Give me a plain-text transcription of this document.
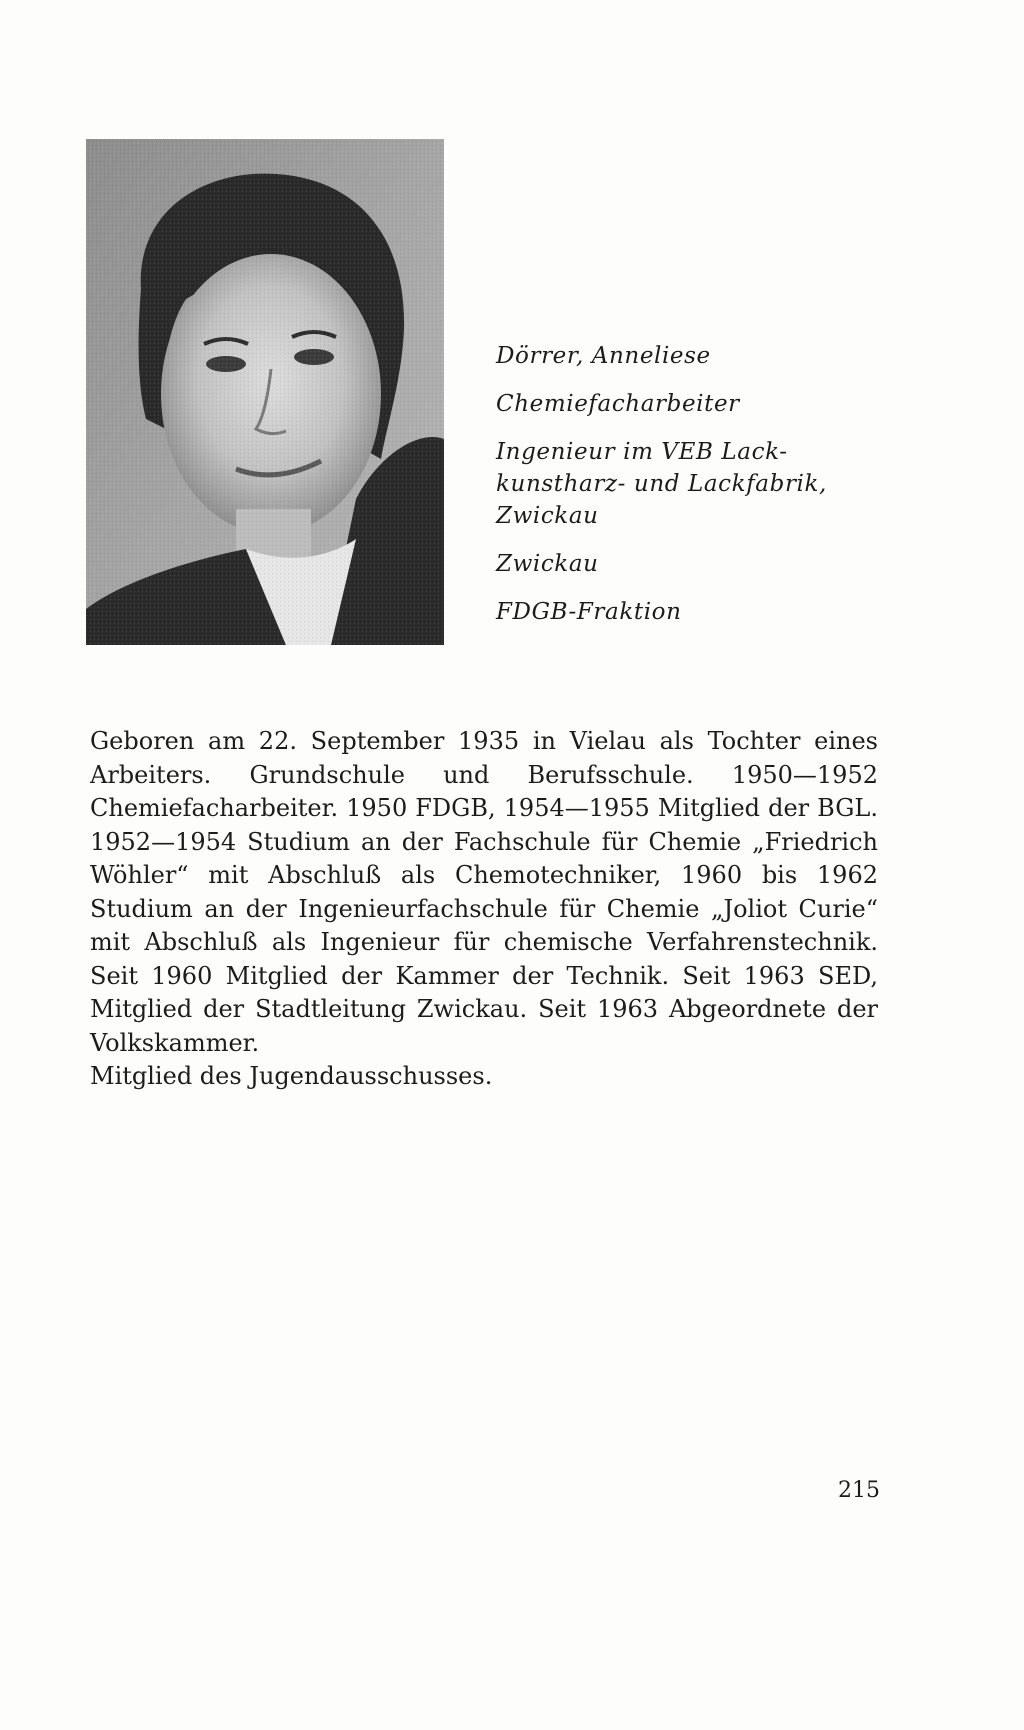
Dörrer, Anneliese

Chemiefacharbeiter

Ingenieur im VEB Lack-
kunstharz- und Lackfabrik,
Zwickau

Zwickau

FDGB-Fraktion

Geboren am 22. September 1935 in Vielau als Tochter eines Arbeiters. Grundschule und Berufsschule. 1950—1952 Chemiefacharbeiter. 1950 FDGB, 1954—1955 Mitglied der BGL. 1952—1954 Studium an der Fachschule für Chemie „Friedrich Wöhler“ mit Abschluß als Chemotechniker, 1960 bis 1962 Studium an der Ingenieurfachschule für Chemie „Joliot Curie“ mit Abschluß als Ingenieur für chemische Verfahrenstechnik. Seit 1960 Mitglied der Kammer der Technik. Seit 1963 SED, Mitglied der Stadtleitung Zwickau. Seit 1963 Abgeordnete der Volkskammer.

Mitglied des Jugendausschusses.

215
